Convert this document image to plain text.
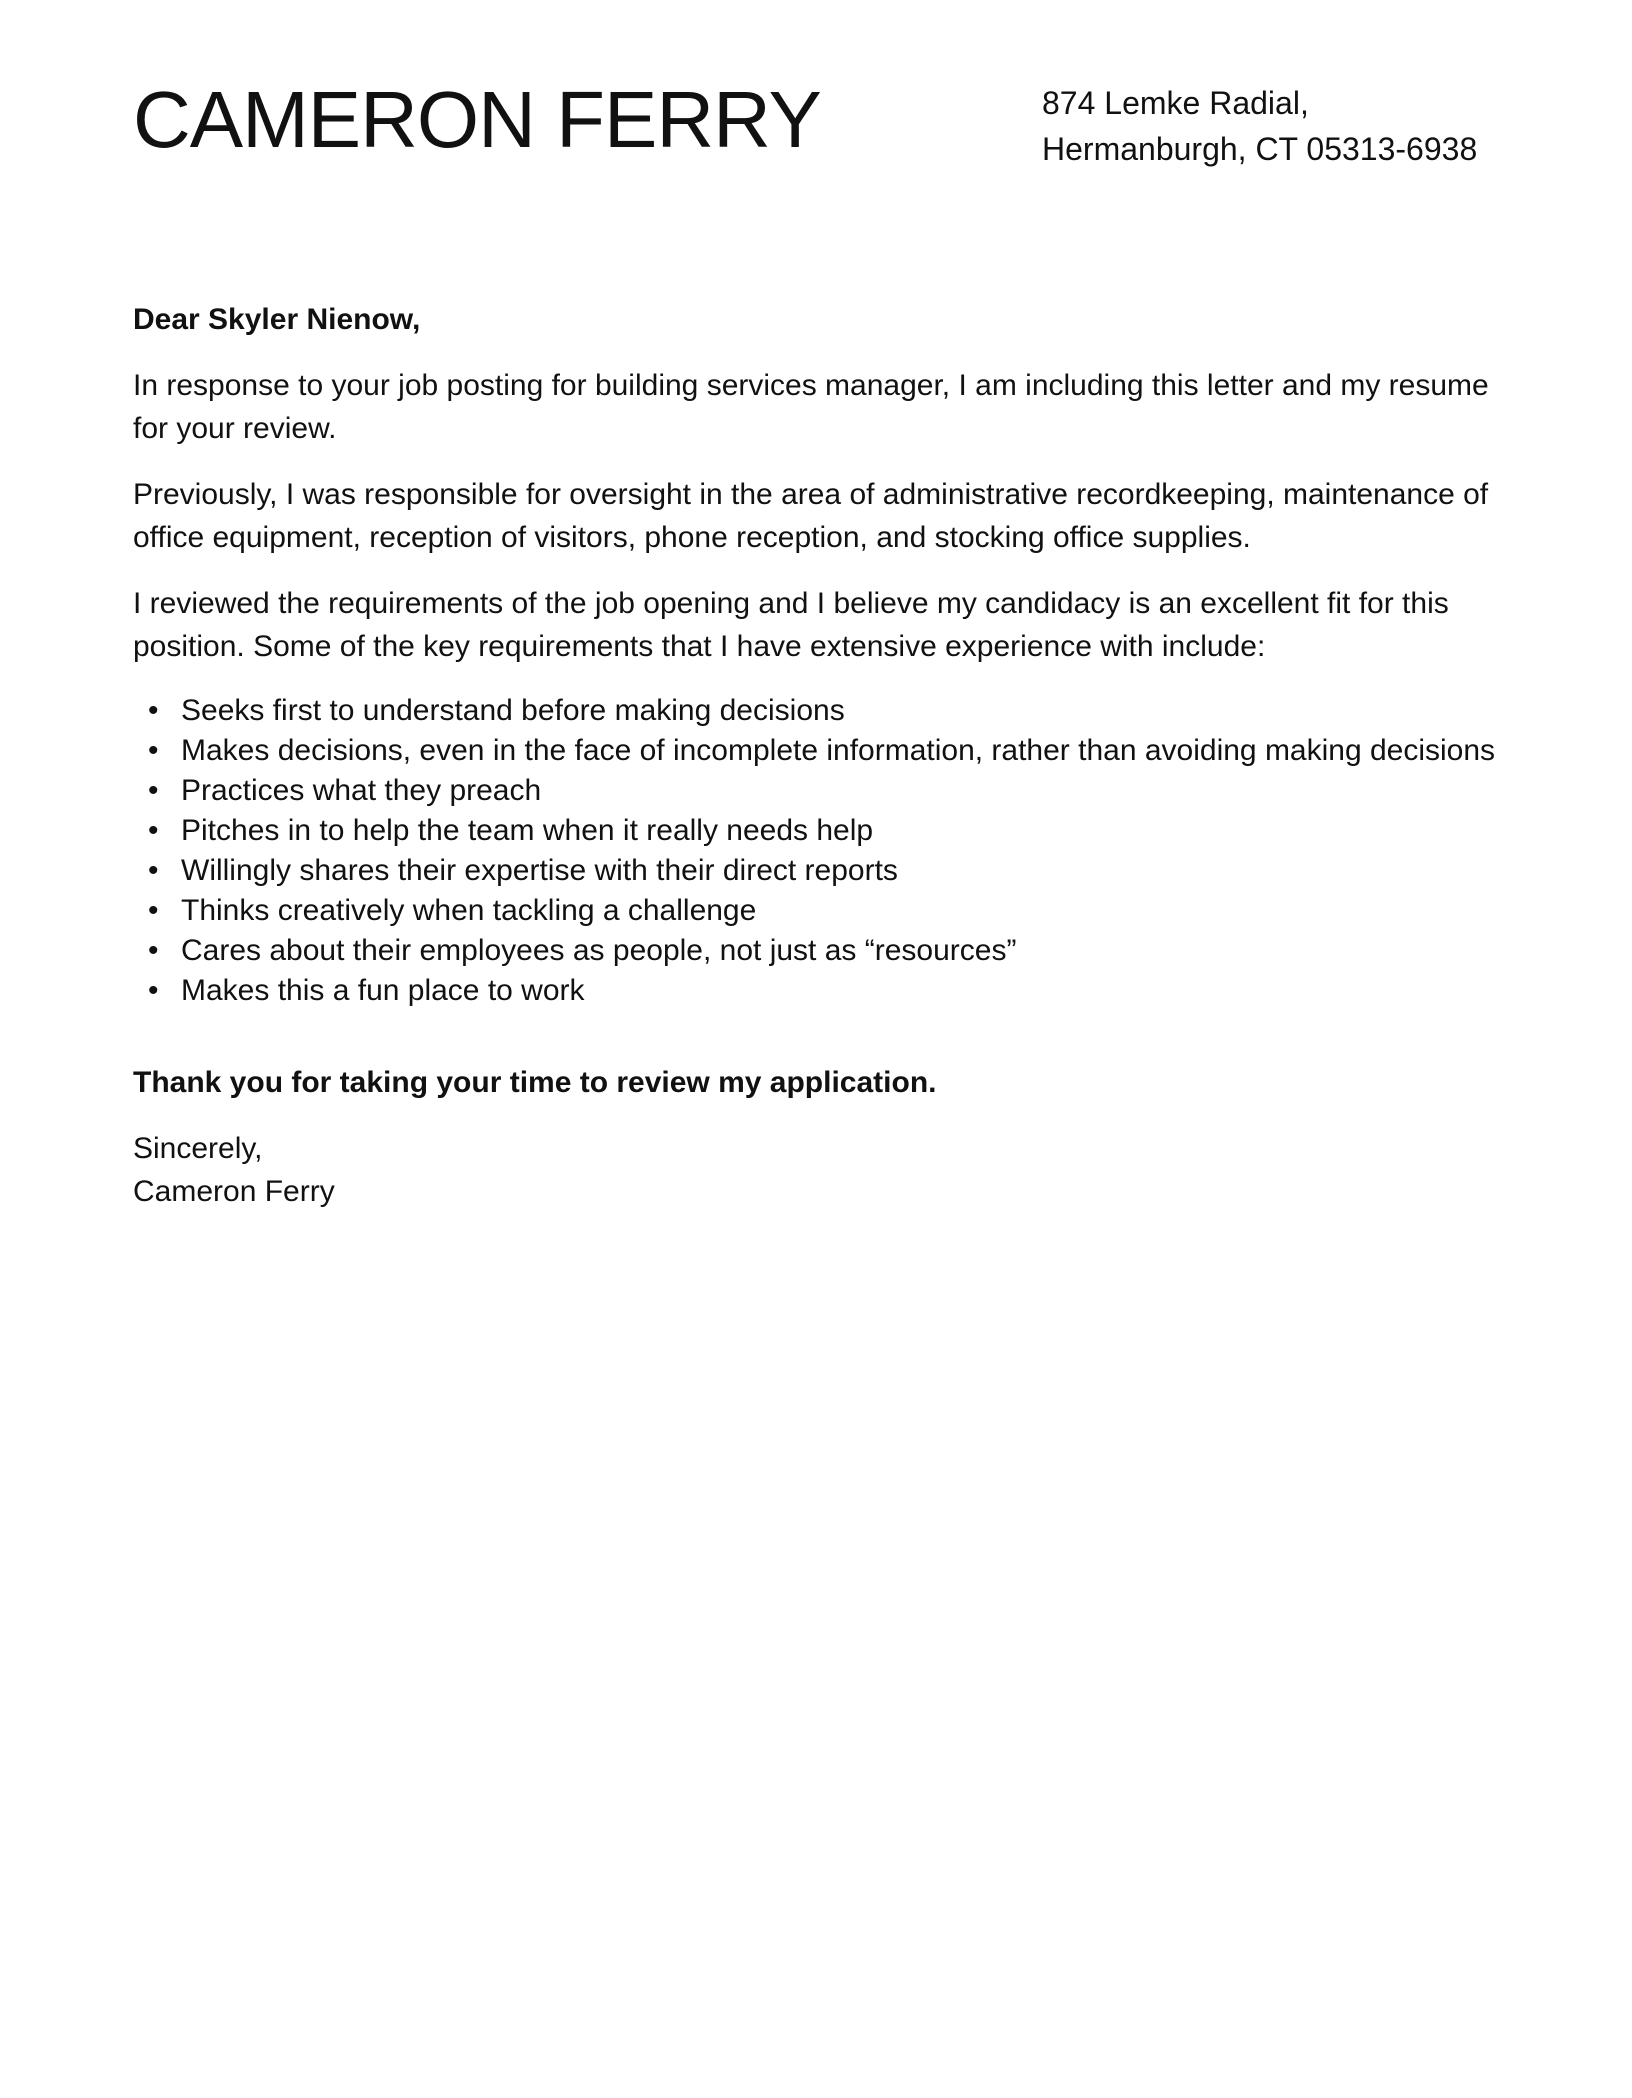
CAMERON FERRY	874 Lemke Radial,
Hermanburgh, CT 05313-6938

Dear Skyler Nienow,

In response to your job posting for building services manager, I am including this letter and my resume for your review.

Previously, I was responsible for oversight in the area of administrative recordkeeping, maintenance of office equipment, reception of visitors, phone reception, and stocking office supplies.

I reviewed the requirements of the job opening and I believe my candidacy is an excellent fit for this position. Some of the key requirements that I have extensive experience with include:

• Seeks first to understand before making decisions
• Makes decisions, even in the face of incomplete information, rather than avoiding making decisions
• Practices what they preach
• Pitches in to help the team when it really needs help
• Willingly shares their expertise with their direct reports
• Thinks creatively when tackling a challenge
• Cares about their employees as people, not just as “resources”
• Makes this a fun place to work

Thank you for taking your time to review my application.

Sincerely,
Cameron Ferry
